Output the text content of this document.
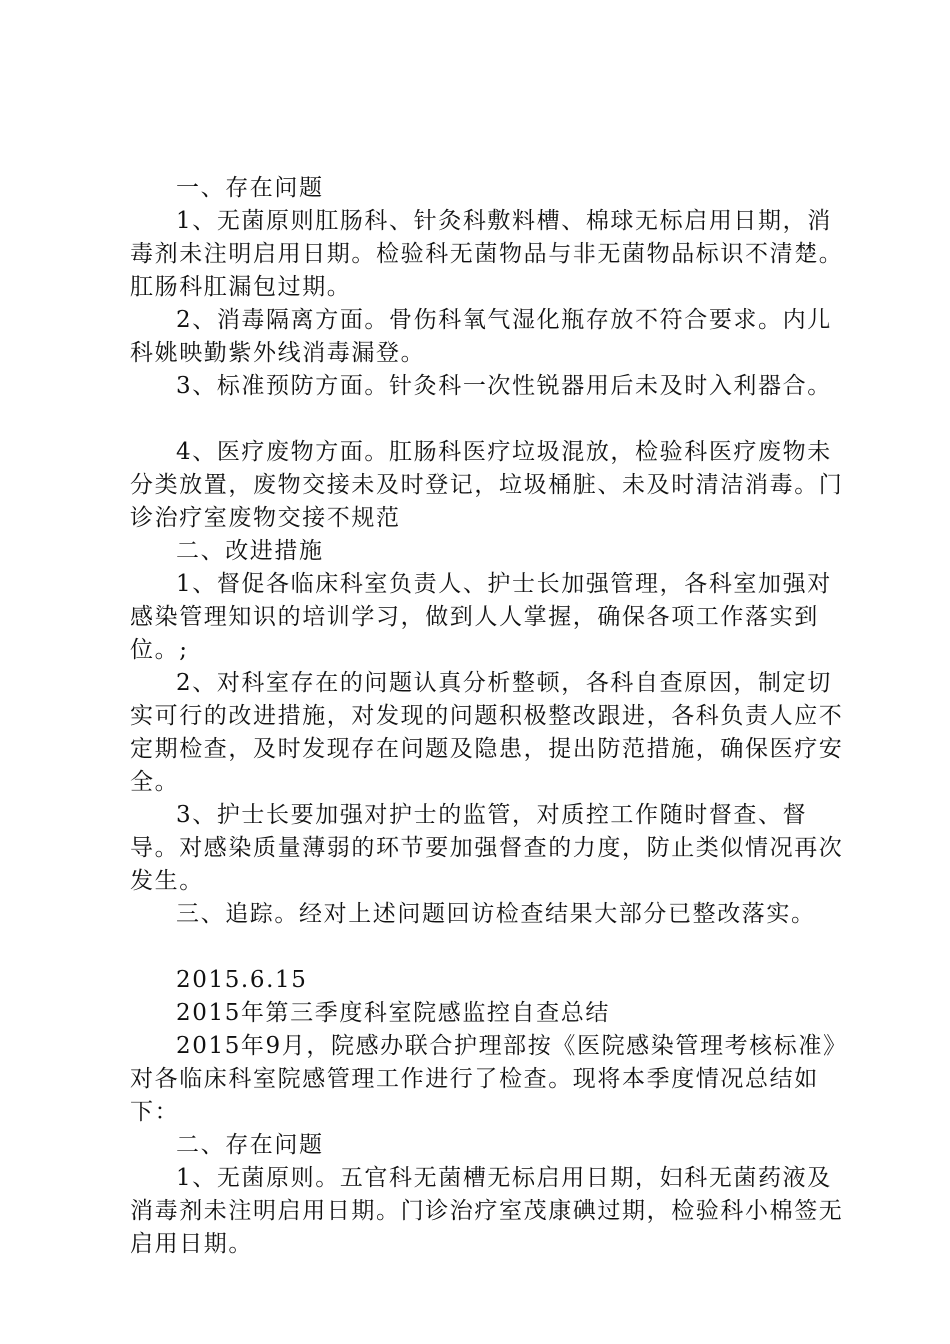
一、存在问题

1、无菌原则肛肠科、针灸科敷料槽、棉球无标启用日期，消毒剂未注明启用日期。检验科无菌物品与非无菌物品标识不清楚。肛肠科肛漏包过期。

2、消毒隔离方面。骨伤科氧气湿化瓶存放不符合要求。内儿科姚映勤紫外线消毒漏登。

3、标准预防方面。针灸科一次性锐器用后未及时入利器合。

4、医疗废物方面。肛肠科医疗垃圾混放，检验科医疗废物未分类放置，废物交接未及时登记，垃圾桶脏、未及时清洁消毒。门诊治疗室废物交接不规范

二、改进措施

1、督促各临床科室负责人、护士长加强管理，各科室加强对感染管理知识的培训学习，做到人人掌握，确保各项工作落实到位。;

2、对科室存在的问题认真分析整顿，各科自查原因，制定切实可行的改进措施，对发现的问题积极整改跟进，各科负责人应不定期检查，及时发现存在问题及隐患，提出防范措施，确保医疗安全。

3、护士长要加强对护士的监管，对质控工作随时督查、督导。对感染质量薄弱的环节要加强督查的力度，防止类似情况再次发生。

三、追踪。经对上述问题回访检查结果大部分已整改落实。

2015.6.15

2015年第三季度科室院感监控自查总结

2015年9月，院感办联合护理部按《医院感染管理考核标准》对各临床科室院感管理工作进行了检查。现将本季度情况总结如下：

二、存在问题

1、无菌原则。五官科无菌槽无标启用日期，妇科无菌药液及消毒剂未注明启用日期。门诊治疗室茂康碘过期，检验科小棉签无启用日期。
